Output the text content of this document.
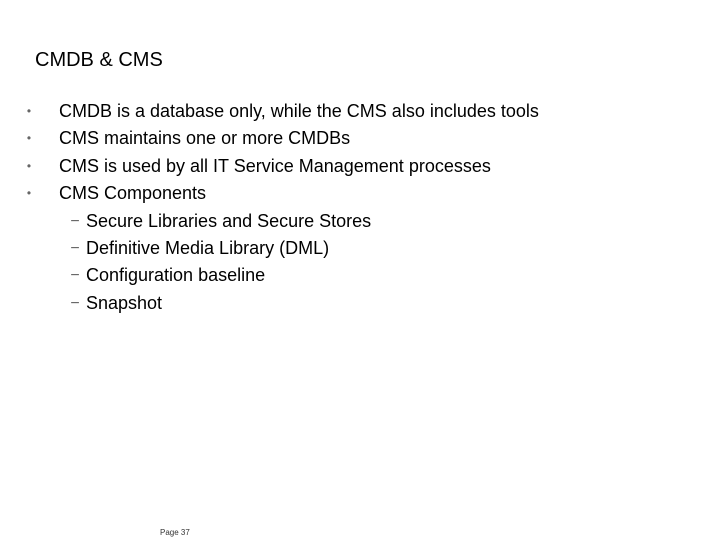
CMDB & CMS
• CMDB is a database only, while the CMS also includes tools
• CMS maintains one or more CMDBs
• CMS is used by all IT Service Management processes
• CMS Components
− Secure Libraries and Secure Stores
− Definitive Media Library (DML)
− Configuration baseline
− Snapshot
Page 37
